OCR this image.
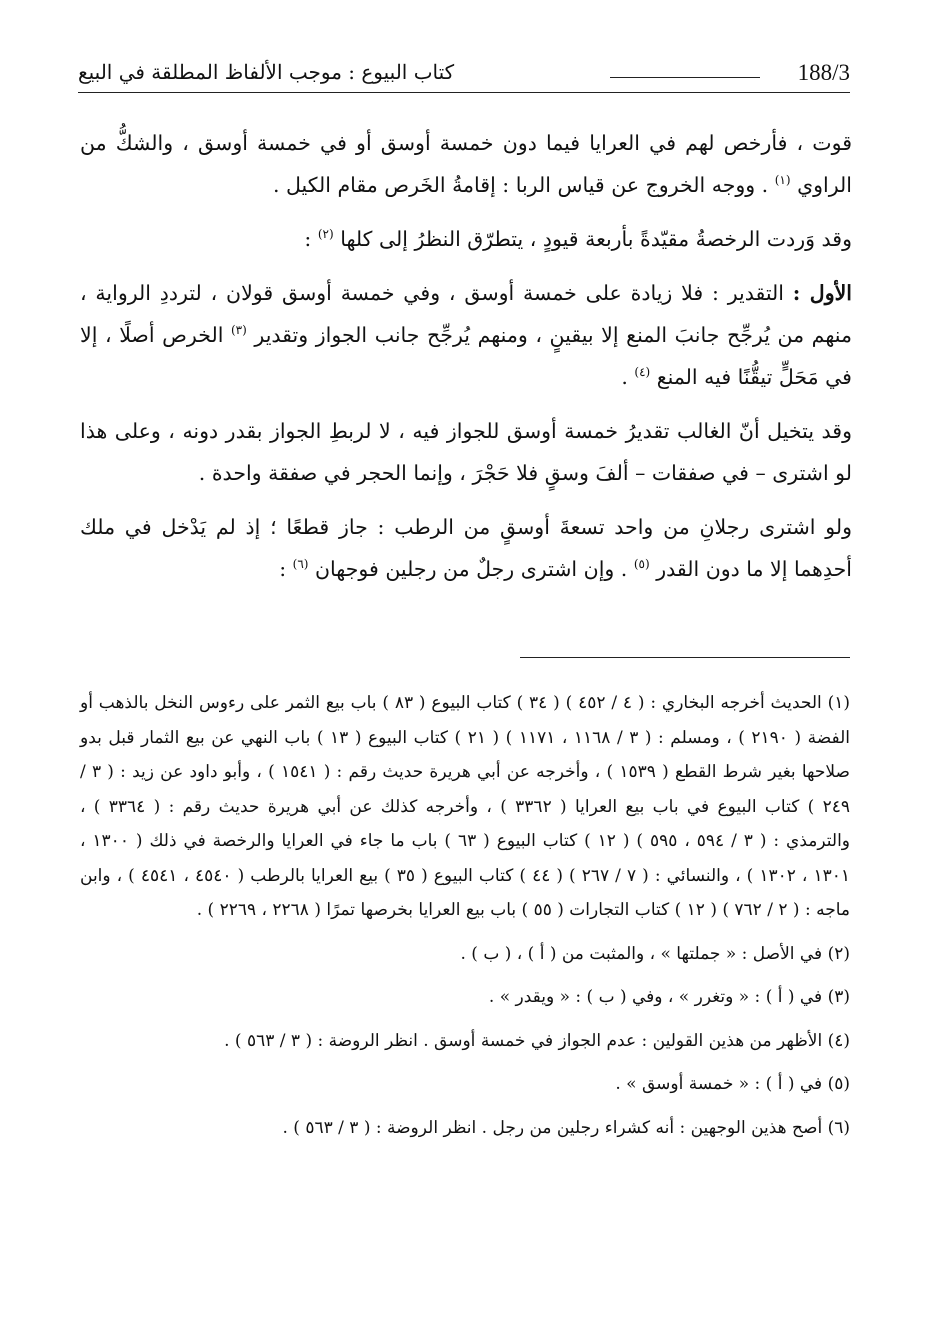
188/3
كتاب البيوع : موجب الألفاظ المطلقة في البيع

قوت ، فأرخص لهم في العرايا فيما دون خمسة أوسق أو في خمسة أوسق ، والشكُّ من الراوي $^{(١)}$ . ووجه الخروج عن قياس الربا : إقامةُ الخَرص مقام الكيل .

وقد وَردت الرخصةُ مقيّدةً بأربعة قيودٍ ، يتطرّق النظرُ إلى كلها $^{(٢)}$ :

الأول : التقدير : فلا زيادة على خمسة أوسق ، وفي خمسة أوسق قولان ، لترددِ الرواية ، منهم من يُرجِّح جانبَ المنع إلا بيقينٍ ، ومنهم يُرجِّح جانب الجواز وتقدير $^{(٣)}$ الخرص أصلًا ، إلا في مَحَلٍّ تيقُّنًا فيه المنع $^{(٤)}$ .

وقد يتخيل أنّ الغالب تقديرُ خمسة أوسق للجواز فيه ، لا لربطِ الجواز بقدر دونه ، وعلى هذا لو اشترى – في صفقات – ألفَ وسقٍ فلا حَجْرَ ، وإنما الحجر في صفقة واحدة .

ولو اشترى رجلانِ من واحد تسعةَ أوسقٍ من الرطب : جاز قطعًا ؛ إذ لم يَدْخل في ملك أحدِهما إلا ما دون القدر $^{(٥)}$ . وإن اشترى رجلٌ من رجلين فوجهان $^{(٦)}$ :

(١) الحديث أخرجه البخاري : ( ٤ / ٤٥٢ ) ( ٣٤ ) كتاب البيوع ( ٨٣ ) باب بيع الثمر على رءوس النخل بالذهب أو الفضة ( ٢١٩٠ ) ، ومسلم : ( ٣ / ١١٦٨ ، ١١٧١ ) ( ٢١ ) كتاب البيوع ( ١٣ ) باب النهي عن بيع الثمار قبل بدو صلاحها بغير شرط القطع ( ١٥٣٩ ) ، وأخرجه عن أبي هريرة حديث رقم : ( ١٥٤١ ) ، وأبو داود عن زيد : ( ٣ / ٢٤٩ ) كتاب البيوع في باب بيع العرايا ( ٣٣٦٢ ) ، وأخرجه كذلك عن أبي هريرة حديث رقم : ( ٣٣٦٤ ) ، والترمذي : ( ٣ / ٥٩٤ ، ٥٩٥ ) ( ١٢ ) كتاب البيوع ( ٦٣ ) باب ما جاء في العرايا والرخصة في ذلك ( ١٣٠٠ ، ١٣٠١ ، ١٣٠٢ ) ، والنسائي : ( ٧ / ٢٦٧ ) ( ٤٤ ) كتاب البيوع ( ٣٥ ) بيع العرايا بالرطب ( ٤٥٤٠ ، ٤٥٤١ ) ، وابن ماجه : ( ٢ / ٧٦٢ ) ( ١٢ ) كتاب التجارات ( ٥٥ ) باب بيع العرايا بخرصها تمرًا ( ٢٢٦٨ ، ٢٢٦٩ ) .

(٢) في الأصل : « جملتها » ، والمثبت من ( أ ) ، ( ب ) .

(٣) في ( أ ) : « وتغرر » ، وفي ( ب ) : « ويقدر » .

(٤) الأظهر من هذين القولين : عدم الجواز في خمسة أوسق . انظر الروضة : ( ٣ / ٥٦٣ ) .

(٥) في ( أ ) : « خمسة أوسق » .

(٦) أصح هذين الوجهين : أنه كشراء رجلين من رجل . انظر الروضة : ( ٣ / ٥٦٣ ) .
